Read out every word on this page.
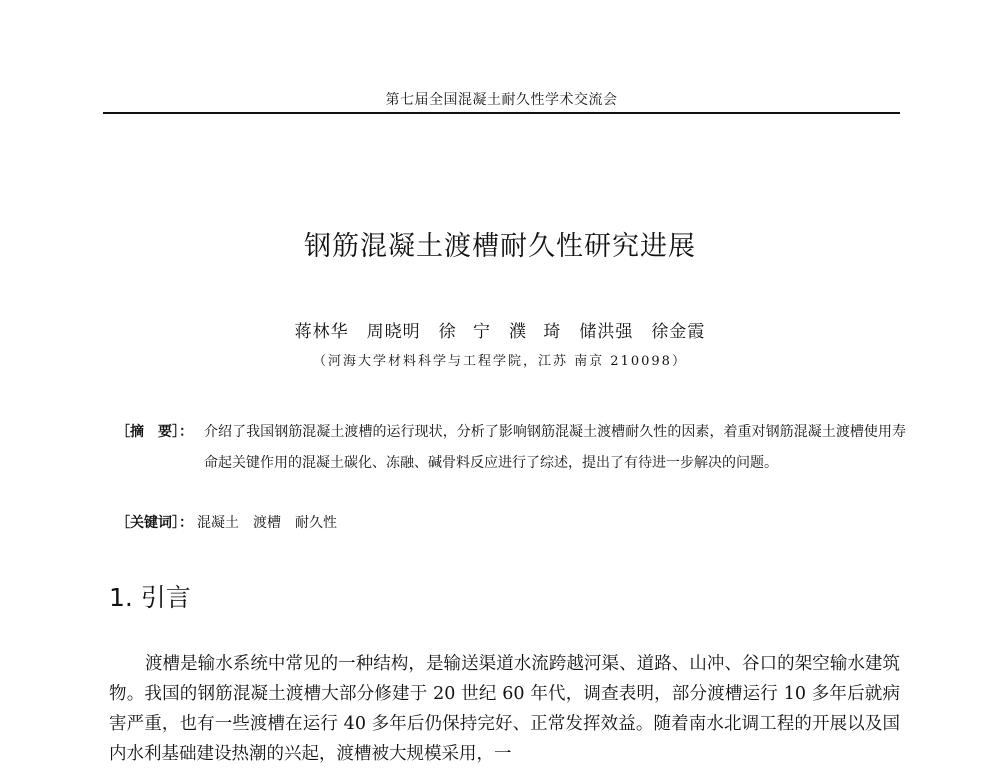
第七届全国混凝土耐久性学术交流会
钢筋混凝土渡槽耐久性研究进展
蒋林华　周晓明　徐 宁　濮 琦　储洪强　徐金霞
（河海大学材料科学与工程学院，江苏 南京 210098）
［摘　要］： 介绍了我国钢筋混凝土渡槽的运行现状，分析了影响钢筋混凝土渡槽耐久性的因素，着重对钢筋混凝土渡槽使用寿命起关键作用的混凝土碳化、冻融、碱骨料反应进行了综述，提出了有待进一步解决的问题。
［关键词］： 混凝土　渡槽　耐久性
1. 引言
渡槽是输水系统中常见的一种结构，是输送渠道水流跨越河渠、道路、山冲、谷口的架空输水建筑物。我国的钢筋混凝土渡槽大部分修建于 20 世纪 60 年代，调查表明，部分渡槽运行 10 多年后就病害严重，也有一些渡槽在运行 40 多年后仍保持完好、正常发挥效益。随着南水北调工程的开展以及国内水利基础建设热潮的兴起，渡槽被大规模采用，一
